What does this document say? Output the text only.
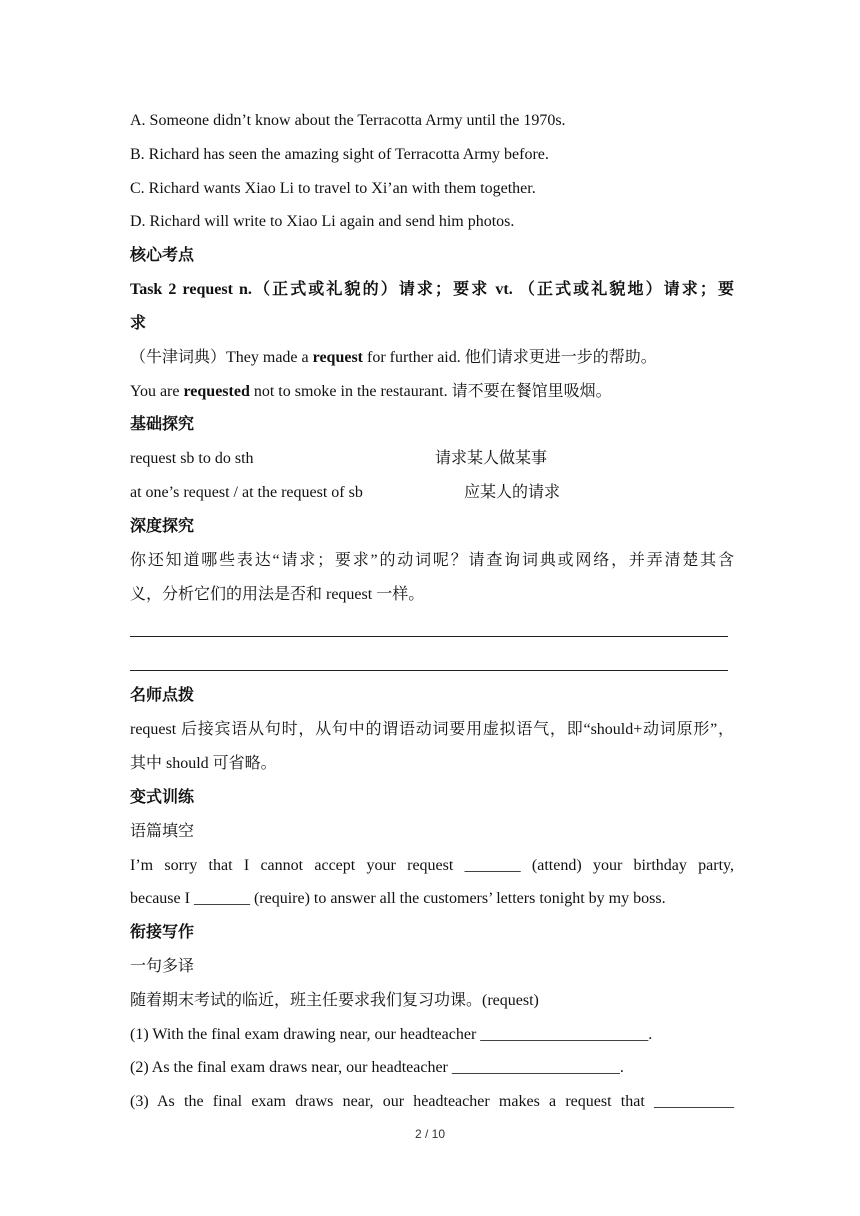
A. Someone didn’t know about the Terracotta Army until the 1970s.
B. Richard has seen the amazing sight of Terracotta Army before.
C. Richard wants Xiao Li to travel to Xi’an with them together.
D. Richard will write to Xiao Li again and send him photos.
核心考点
Task 2 request n.（正式或礼貌的）请求；要求 vt. （正式或礼貌地）请求；要
求
（牛津词典）They made a request for further aid. 他们请求更进一步的帮助。
You are requested not to smoke in the restaurant. 请不要在餐馆里吸烟。
基础探究
request sb to do sth	请求某人做某事
at one’s request / at the request of sb	应某人的请求
深度探究
你还知道哪些表达“请求；要求”的动词呢？请查询词典或网络，并弄清楚其含
义，分析它们的用法是否和 request 一样。
名师点拨
request 后接宾语从句时，从句中的谓语动词要用虚拟语气，即“should+动词原形”，
其中 should 可省略。
变式训练
语篇填空
I’m sorry that I cannot accept your request _______ (attend) your birthday party,
because I _______ (require) to answer all the customers’ letters tonight by my boss.
衔接写作
一句多译
随着期末考试的临近，班主任要求我们复习功课。(request)
(1) With the final exam drawing near, our headteacher _____________________.
(2) As the final exam draws near, our headteacher _____________________.
(3) As the final exam draws near, our headteacher makes a request that __________
2 / 10
